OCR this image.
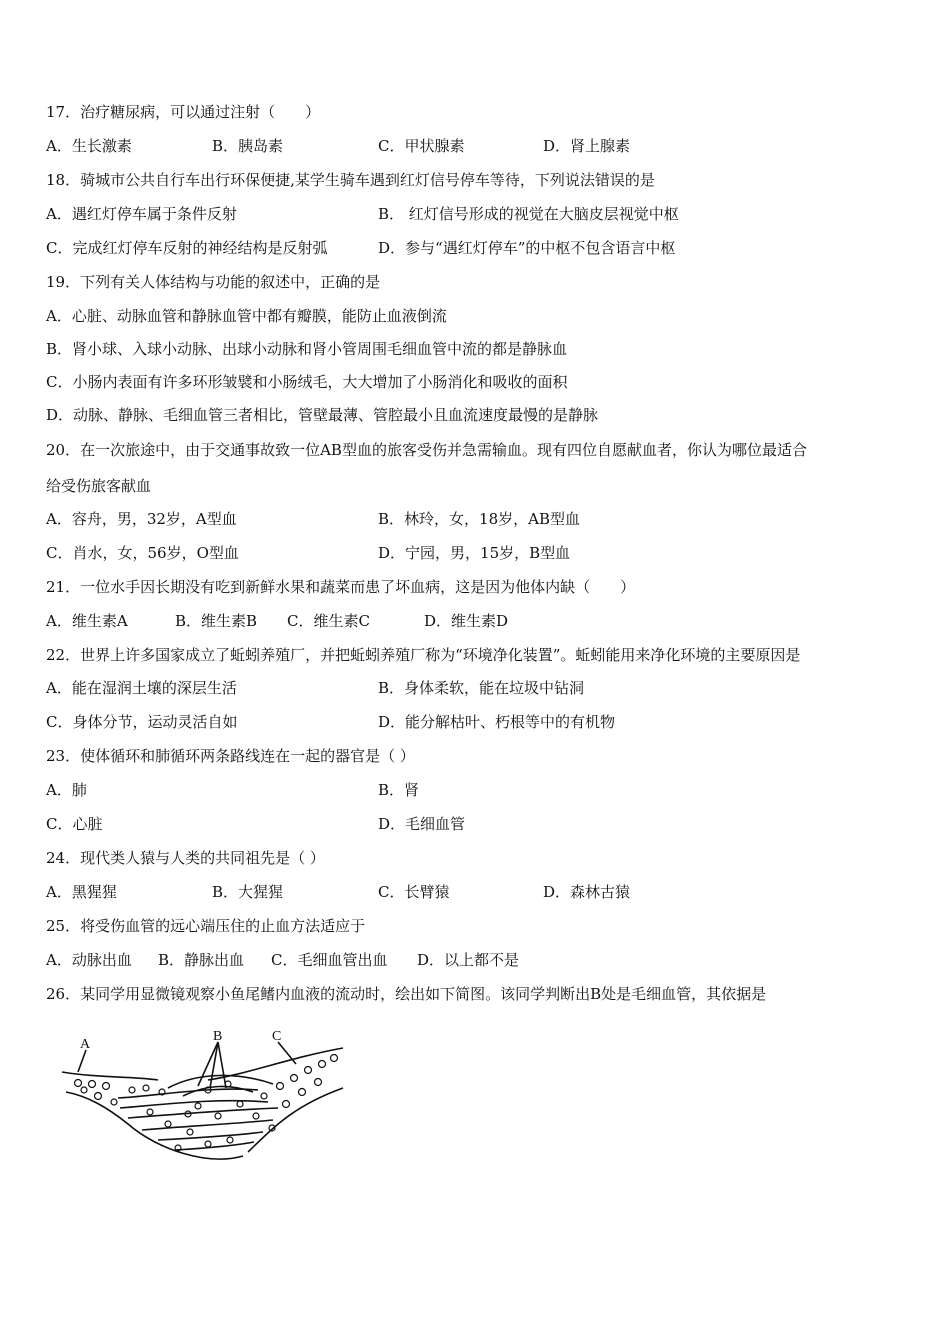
17．治疗糖尿病，可以通过注射（　　）
A．生长激素	B．胰岛素	C．甲状腺素	D．肾上腺素
18．骑城市公共自行车出行环保便捷,某学生骑车遇到红灯信号停车等待，下列说法错误的是
A．遇红灯停车属于条件反射	B． 红灯信号形成的视觉在大脑皮层视觉中枢
C．完成红灯停车反射的神经结构是反射弧	D．参与“遇红灯停车”的中枢不包含语言中枢
19．下列有关人体结构与功能的叙述中，正确的是
A．心脏、动脉血管和静脉血管中都有瓣膜，能防止血液倒流
B．肾小球、入球小动脉、出球小动脉和肾小管周围毛细血管中流的都是静脉血
C．小肠内表面有许多环形皱襞和小肠绒毛，大大增加了小肠消化和吸收的面积
D．动脉、静脉、毛细血管三者相比，管壁最薄、管腔最小且血流速度最慢的是静脉
20．在一次旅途中，由于交通事故致一位AB型血的旅客受伤并急需输血。现有四位自愿献血者，你认为哪位最适合
给受伤旅客献血
A．容舟，男，32岁，A型血	B．林玲，女，18岁，AB型血
C．肖水，女，56岁，O型血	D．宁园，男，15岁，B型血
21．一位水手因长期没有吃到新鲜水果和蔬菜而患了坏血病，这是因为他体内缺（　　）
A．维生素A	B．维生素B C．维生素C	D．维生素D
22．世界上许多国家成立了蚯蚓养殖厂，并把蚯蚓养殖厂称为“环境净化装置”。蚯蚓能用来净化环境的主要原因是
A．能在湿润土壤的深层生活	B．身体柔软，能在垃圾中钻洞
C．身体分节，运动灵活自如	D．能分解枯叶、朽根等中的有机物
23．使体循环和肺循环两条路线连在一起的器官是（ ）
A．肺	B．肾
C．心脏	D．毛细血管
24．现代类人猿与人类的共同祖先是（ ）
A．黑猩猩	B．大猩猩	C．长臂猿	D．森林古猿
25．将受伤血管的远心端压住的止血方法适应于
A．动脉出血 B．静脉出血 C．毛细血管出血 D．以上都不是
26．某同学用显微镜观察小鱼尾鳍内血液的流动时，绘出如下简图。该同学判断出B处是毛细血管，其依据是
A
B	C
